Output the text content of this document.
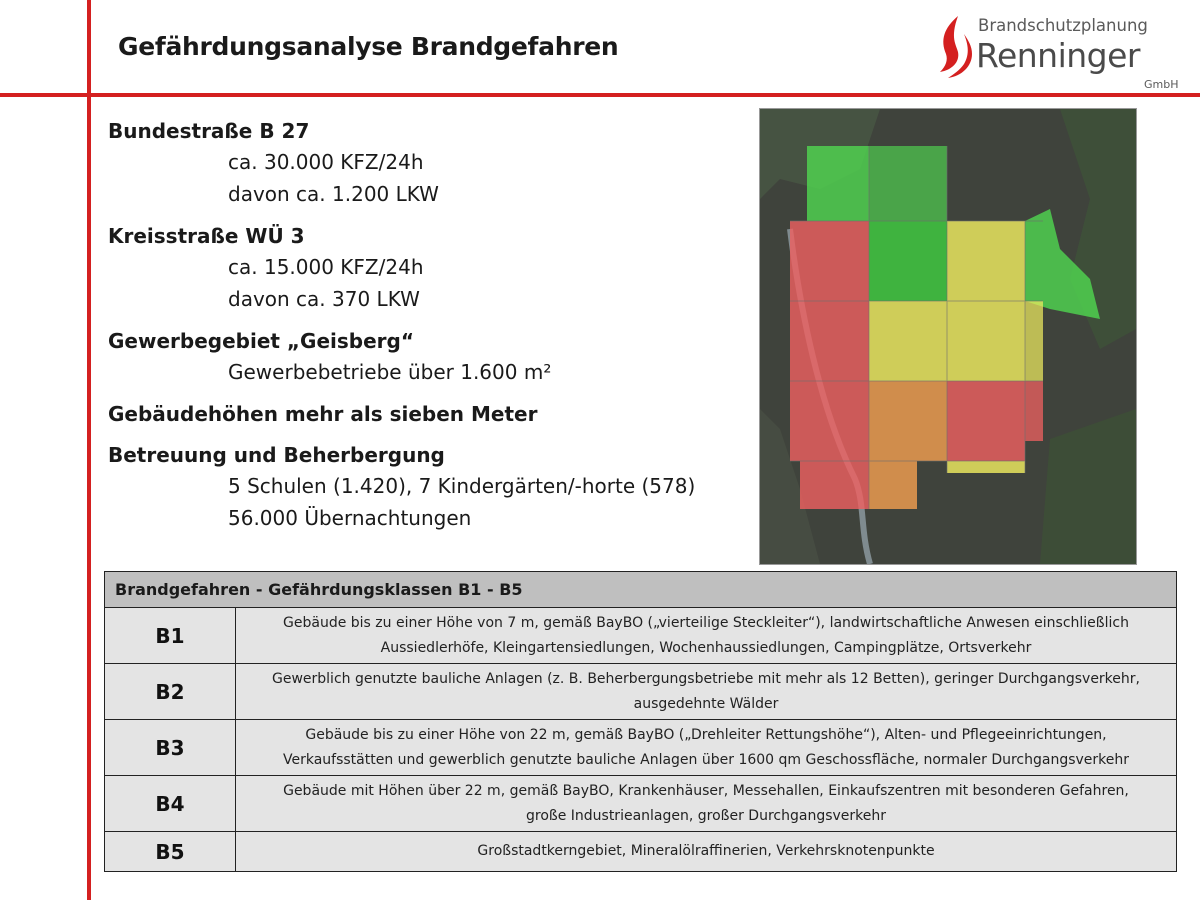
Gefährdungsanalyse Brandgefahren
Brandschutzplanung
Renninger
GmbH
Bundestraße B 27
ca. 30.000 KFZ/24h
davon ca. 1.200 LKW
Kreisstraße WÜ 3
ca. 15.000 KFZ/24h
davon ca. 370 LKW
Gewerbegebiet „Geisberg“
Gewerbebetriebe über 1.600 m²
Gebäudehöhen mehr als sieben Meter
Betreuung und Beherbergung
5 Schulen (1.420), 7 Kindergärten/-horte (578)
56.000 Übernachtungen
Brandgefahren - Gefährdungsklassen B1 - B5	
B1	Gebäude bis zu einer Höhe von 7 m, gemäß BayBO („vierteilige Steckleiter“), landwirtschaftliche Anwesen einschließlich
Aussiedlerhöfe, Kleingartensiedlungen, Wochenhaussiedlungen, Campingplätze, Ortsverkehr

B2	Gewerblich genutzte bauliche Anlagen (z. B. Beherbergungsbetriebe mit mehr als 12 Betten), geringer Durchgangsverkehr,
ausgedehnte Wälder

B3	Gebäude bis zu einer Höhe von 22 m, gemäß BayBO („Drehleiter Rettungshöhe“), Alten- und Pflegeeinrichtungen,
Verkaufsstätten und gewerblich genutzte bauliche Anlagen über 1600 qm Geschossfläche, normaler Durchgangsverkehr

B4	Gebäude mit Höhen über 22 m, gemäß BayBO, Krankenhäuser, Messehallen, Einkaufszentren mit besonderen Gefahren,
große Industrieanlagen, großer Durchgangsverkehr

B5	Großstadtkerngebiet, Mineralölraffinerien, Verkehrsknotenpunkte
